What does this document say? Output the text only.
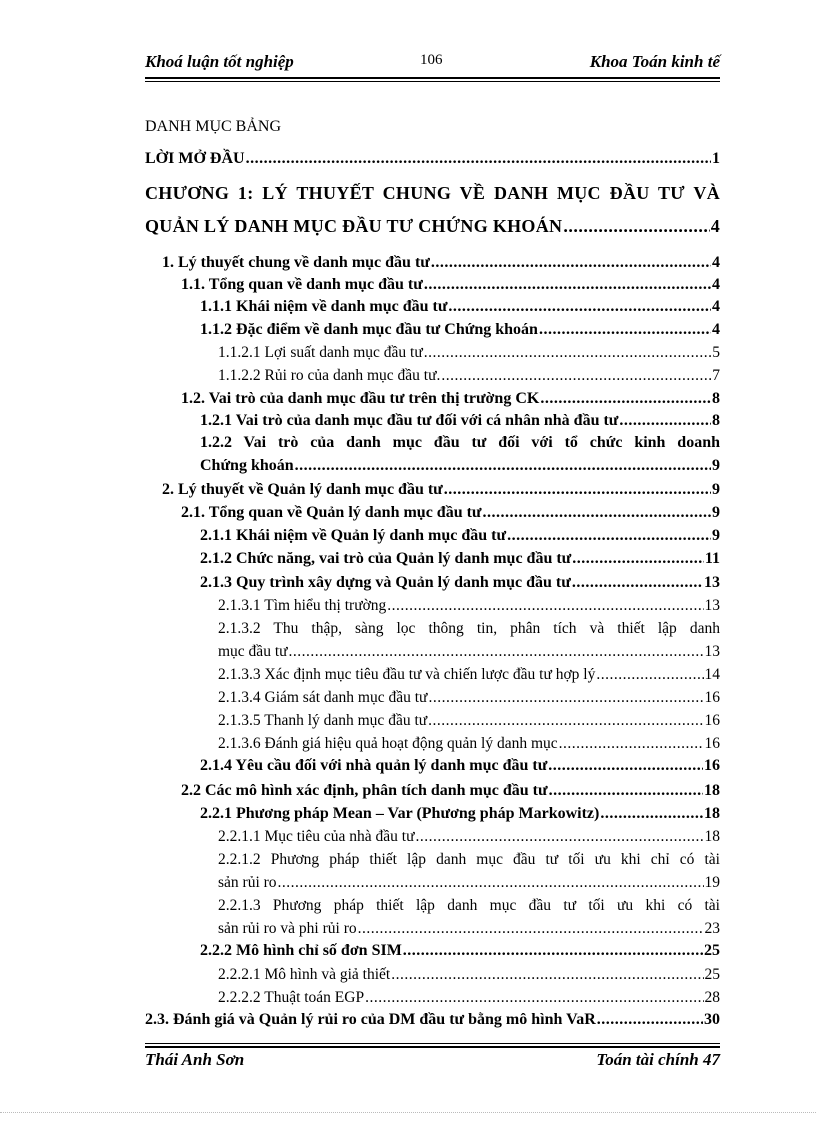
Khoá luận tốt nghiệp	106	Khoa Toán kinh tế
DANH MỤC BẢNG
LỜI MỞ ĐẦU .....	1
CHƯƠNG 1: LÝ THUYẾT CHUNG VỀ DANH MỤC ĐẦU TƯ VÀ
QUẢN LÝ DANH MỤC ĐẦU TƯ CHỨNG KHOÁN .....	4
1. Lý thuyết chung về danh mục đầu tư .....	4
1.1. Tổng quan về danh mục đầu tư .....	4
1.1.1 Khái niệm về danh mục đầu tư .....	4
1.1.2 Đặc điểm về danh mục đầu tư Chứng khoán .....	4
1.1.2.1 Lợi suất danh mục đầu tư .....	5
1.1.2.2 Rủi ro của danh mục đầu tư. .....	7
1.2. Vai trò của danh mục đầu tư trên thị trường CK .....	8
1.2.1 Vai trò của danh mục đầu tư đối với cá nhân nhà đầu tư .....	8
1.2.2 Vai trò của danh mục đầu tư đối với tổ chức kinh doanh
Chứng khoán .....	9
2. Lý thuyết về Quản lý danh mục đầu tư .....	9
2.1. Tổng quan về Quản lý danh mục đầu tư .....	9
2.1.1 Khái niệm về Quản lý danh mục đầu tư .....	9
2.1.2 Chức năng, vai trò của Quản lý danh mục đầu tư .....	11
2.1.3 Quy trình xây dựng và Quản lý danh mục đầu tư .....	13
2.1.3.1 Tìm hiểu thị trường .....	13
2.1.3.2 Thu thập, sàng lọc thông tin, phân tích và thiết lập danh
mục đầu tư .....	13
2.1.3.3 Xác định mục tiêu đầu tư và chiến lược đầu tư hợp lý .....	14
2.1.3.4 Giám sát danh mục đầu tư .....	16
2.1.3.5 Thanh lý danh mục đầu tư .....	16
2.1.3.6 Đánh giá hiệu quả hoạt động quản lý danh mục .....	16
2.1.4 Yêu cầu đối với nhà quản lý danh mục đầu tư .....	16
2.2 Các mô hình xác định, phân tích danh mục đầu tư .....	18
2.2.1 Phương pháp Mean – Var (Phương pháp Markowitz) .....	18
2.2.1.1 Mục tiêu của nhà đầu tư .....	18
2.2.1.2 Phương pháp thiết lập danh mục đầu tư tối ưu khi chỉ có tài
sản rủi ro .....	19
2.2.1.3 Phương pháp thiết lập danh mục đầu tư tối ưu khi có tài
sản rủi ro và phi rủi ro .....	23
2.2.2 Mô hình chỉ số đơn SIM .....	25
2.2.2.1 Mô hình và giả thiết .....	25
2.2.2.2 Thuật toán EGP .....	28
2.3. Đánh giá và Quản lý rủi ro của DM đầu tư bằng mô hình VaR .....	30
Thái Anh Sơn	Toán tài chính 47
